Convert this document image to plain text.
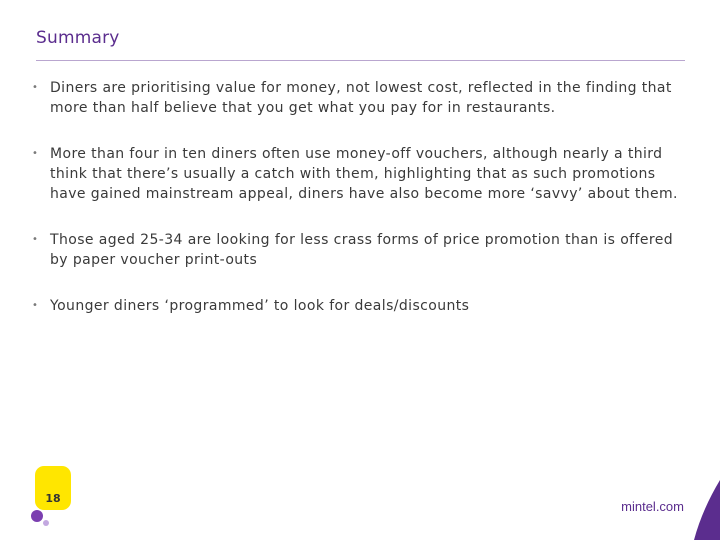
Summary
• Diners are prioritising value for money, not lowest cost, reflected in the finding that more than half believe that you get what you pay for in restaurants.
• More than four in ten diners often use money-off vouchers, although nearly a third think that there’s usually a catch with them, highlighting that as such promotions have gained mainstream appeal, diners have also become more ‘savvy’ about them.
• Those aged 25-34 are looking for less crass forms of price promotion than is offered by paper voucher print-outs
• Younger diners ‘programmed’ to look for deals/discounts
18
mintel.com
